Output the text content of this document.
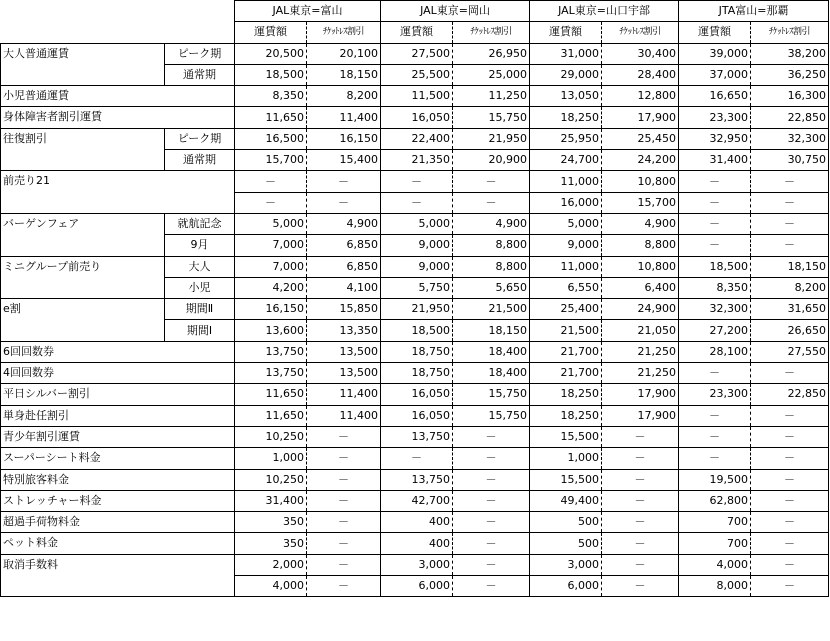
		JAL東京=富山		JAL東京=岡山		JAL東京=山口宇部		JTA富山=那覇	
		運賃額	ﾁｹｯﾄﾚｽ割引	運賃額	ﾁｹｯﾄﾚｽ割引	運賃額	ﾁｹｯﾄﾚｽ割引	運賃額	ﾁｹｯﾄﾚｽ割引
大人普通運賃	ピーク期	20,500	20,100	27,500	26,950	31,000	30,400	39,000	38,200
	通常期	18,500	18,150	25,500	25,000	29,000	28,400	37,000	36,250
小児普通運賃		8,350	8,200	11,500	11,250	13,050	12,800	16,650	16,300
身体障害者割引運賃		11,650	11,400	16,050	15,750	18,250	17,900	23,300	22,850
往復割引	ピーク期	16,500	16,150	22,400	21,950	25,950	25,450	32,950	32,300
	通常期	15,700	15,400	21,350	20,900	24,700	24,200	31,400	30,750
前売り21		－	－	－	－	11,000	10,800	－	－
		－	－	－	－	16,000	15,700	－	－
バーゲンフェア	就航記念	5,000	4,900	5,000	4,900	5,000	4,900	－	－
	9月	7,000	6,850	9,000	8,800	9,000	8,800	－	－
ミニグループ前売り	大人	7,000	6,850	9,000	8,800	11,000	10,800	18,500	18,150
	小児	4,200	4,100	5,750	5,650	6,550	6,400	8,350	8,200
e割	期間Ⅱ	16,150	15,850	21,950	21,500	25,400	24,900	32,300	31,650
	期間Ⅰ	13,600	13,350	18,500	18,150	21,500	21,050	27,200	26,650
6回回数券		13,750	13,500	18,750	18,400	21,700	21,250	28,100	27,550
4回回数券		13,750	13,500	18,750	18,400	21,700	21,250	－	－
平日シルバー割引		11,650	11,400	16,050	15,750	18,250	17,900	23,300	22,850
単身赴任割引		11,650	11,400	16,050	15,750	18,250	17,900	－	－
青少年割引運賃		10,250	－	13,750	－	15,500	－	－	－
スーパーシート料金		1,000	－	－	－	1,000	－	－	－
特別旅客料金		10,250	－	13,750	－	15,500	－	19,500	－
ストレッチャー料金		31,400	－	42,700	－	49,400	－	62,800	－
超過手荷物料金		350	－	400	－	500	－	700	－
ペット料金		350	－	400	－	500	－	700	－
取消手数料		2,000	－	3,000	－	3,000	－	4,000	－
		4,000	－	6,000	－	6,000	－	8,000	－
